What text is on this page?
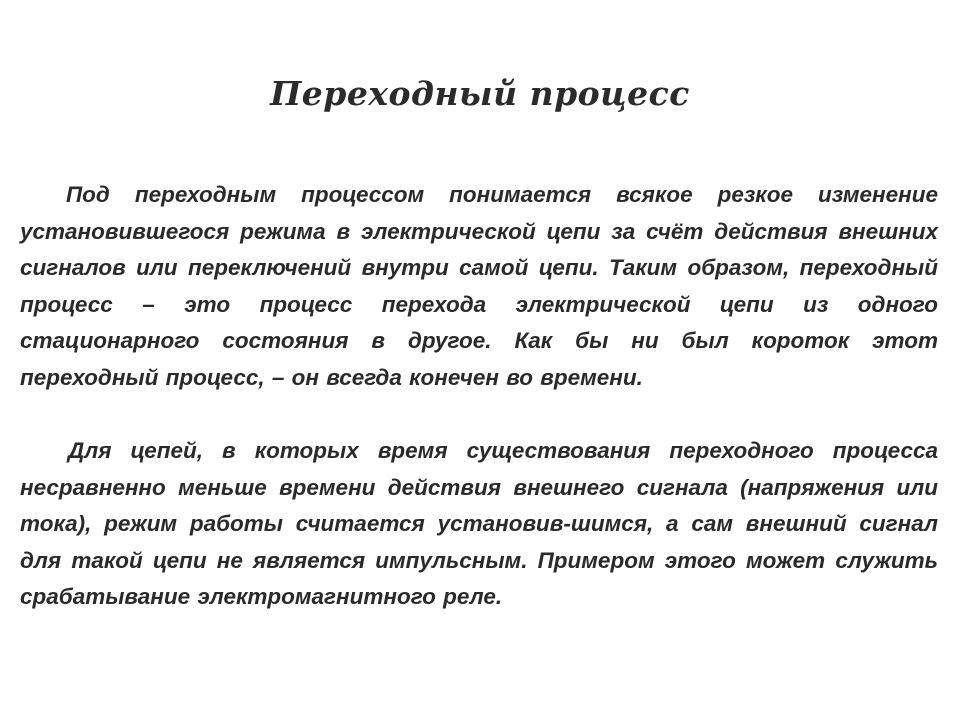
Переходный процесс

Под переходным процессом понимается всякое резкое изменение установившегося режима в электрической цепи за счёт действия внешних сигналов или переключений внутри самой цепи. Таким образом, переходный процесс – это процесс перехода электрической цепи из одного стационарного состояния в другое. Как бы ни был короток этот переходный процесс, – он всегда конечен во времени.

Для цепей, в которых время существования переходного процесса несравненно меньше времени действия внешнего сигнала (напряжения или тока), режим работы считается установив-шимся, а сам внешний сигнал для такой цепи не является импульсным. Примером этого может служить срабатывание электромагнитного реле.
